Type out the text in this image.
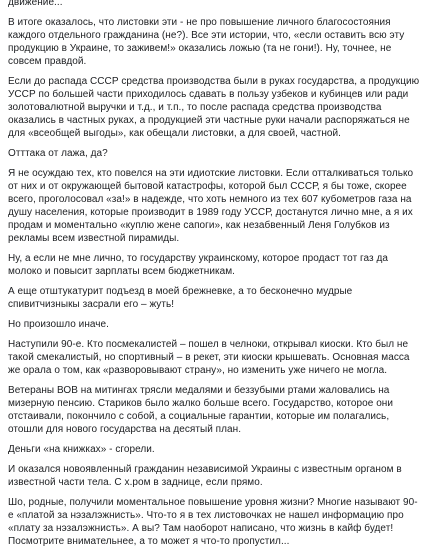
движение...

В итоге оказалось, что листовки эти - не про повышение личного благосостояния каждого отдельного гражданина (не?). Все эти истории, что, «если оставить всю эту продукцию в Украине, то заживем!» оказались ложью (та не гони!). Ну, точнее, не совсем правдой.

Если до распада СССР средства производства были в руках государства, а продукцию УССР по большей части приходилось сдавать в пользу узбеков и кубинцев или ради золотовалютной выручки и т.д., и т.п., то после распада средства производства оказались в частных руках, а продукцией эти частные руки начали распоряжаться не для «всеобщей выгоды», как обещали листовки, а для своей, частной.

Отттака от лажа, да?

Я не осуждаю тех, кто повелся на эти идиотские листовки. Если отталкиваться только от них и от окружающей бытовой катастрофы, которой был СССР, я бы тоже, скорее всего, проголосовал «за!» в надежде, что хоть немного из тех 607 кубометров газа на душу населения, которые производит в 1989 году УССР, достанутся лично мне, а я их продам и моментально «куплю жене сапоги», как незабвенный Леня Голубков из рекламы всем известной пирамиды.

Ну, а если не мне лично, то государству украинскому, которое продаст тот газ да молоко и повысит зарплаты всем бюджетникам.

А еще отштукатурит подъезд в моей брежневке, а то бесконечно мудрые спивитчизныкы засрали его – жуть!

Но произошло иначе.

Наступили 90-е. Кто посмекалистей – пошел в челноки, открывал киоски. Кто был не такой смекалистый, но спортивный – в рекет, эти киоски крышевать. Основная масса же орала о том, как «разворовывают страну», но изменить уже ничего не могла.

Ветераны ВОВ на митингах трясли медалями и беззубыми ртами жаловались на мизерную пенсию. Стариков было жалко больше всего. Государство, которое они отстаивали, покончило с собой, а социальные гарантии, которые им полагались, отошли для нового государства на десятый план.

Деньги «на книжках» - сгорели.

И оказался новоявленный гражданин независимой Украины с известным органом в известной части тела. С х.ром в заднице, если прямо.

Шо, родные, получили моментальное повышение уровня жизни? Многие называют 90-е «платой за нэзалэжнисть». Что-то я в тех листовочках не нашел информацию про «плату за нэзалэжнисть». А вы? Там наоборот написано, что жизнь в кайф будет! Посмотрите внимательнее, а то может я что-то пропустил...
